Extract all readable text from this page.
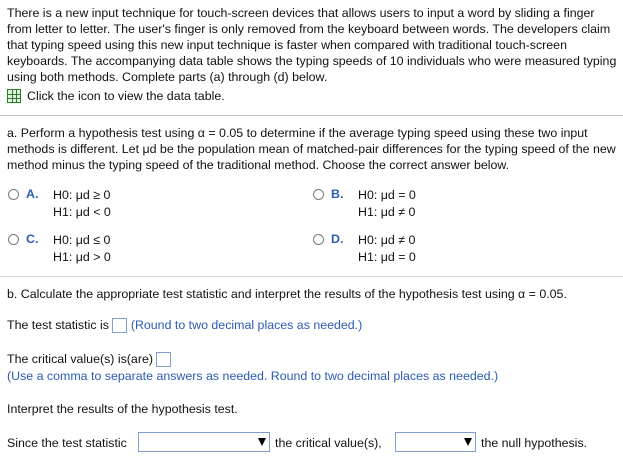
There is a new input technique for touch-screen devices that allows users to input a word by sliding a finger from letter to letter. The user's finger is only removed from the keyboard between words. The developers claim that typing speed using this new input technique is faster when compared with traditional touch-screen keyboards. The accompanying data table shows the typing speeds of 10 individuals who were measured typing using both methods. Complete parts (a) through (d) below.
Click the icon to view the data table.
a. Perform a hypothesis test using α = 0.05 to determine if the average typing speed using these two input methods is different. Let μd be the population mean of matched-pair differences for the typing speed of the new method minus the typing speed of the traditional method. Choose the correct answer below.
A.	H0: μd ≥ 0
H1: μd < 0
B.	H0: μd = 0
H1: μd ≠ 0
C.	H0: μd ≤ 0
H1: μd > 0
D.	H0: μd ≠ 0
H1: μd = 0
b. Calculate the appropriate test statistic and interpret the results of the hypothesis test using α = 0.05.
The test statistic is (Round to two decimal places as needed.)
The critical value(s) is(are)
(Use a comma to separate answers as needed. Round to two decimal places as needed.)
Interpret the results of the hypothesis test.
Since the test statistic	the critical value(s),	the null hypothesis.
